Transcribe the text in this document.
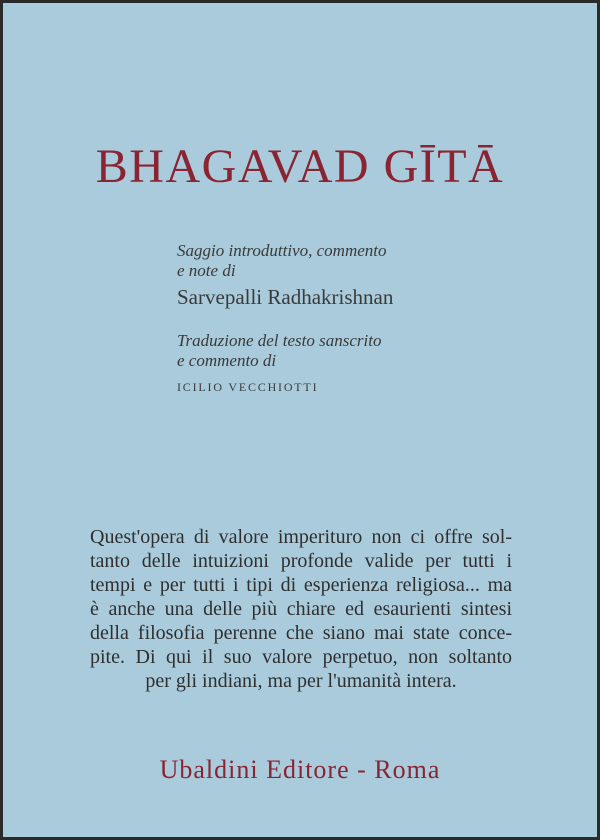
BHAGAVAD GĪTĀ
Saggio introduttivo, commento
e note di
Sarvepalli Radhakrishnan
Traduzione del testo sanscrito
e commento di
ICILIO VECCHIOTTI
Quest'opera di valore imperituro non ci offre sol-
tanto delle intuizioni profonde valide per tutti i
tempi e per tutti i tipi di esperienza religiosa... ma
è anche una delle più chiare ed esaurienti sintesi
della filosofia perenne che siano mai state conce-
pite. Di qui il suo valore perpetuo, non soltanto
per gli indiani, ma per l'umanità intera.
Ubaldini Editore - Roma
